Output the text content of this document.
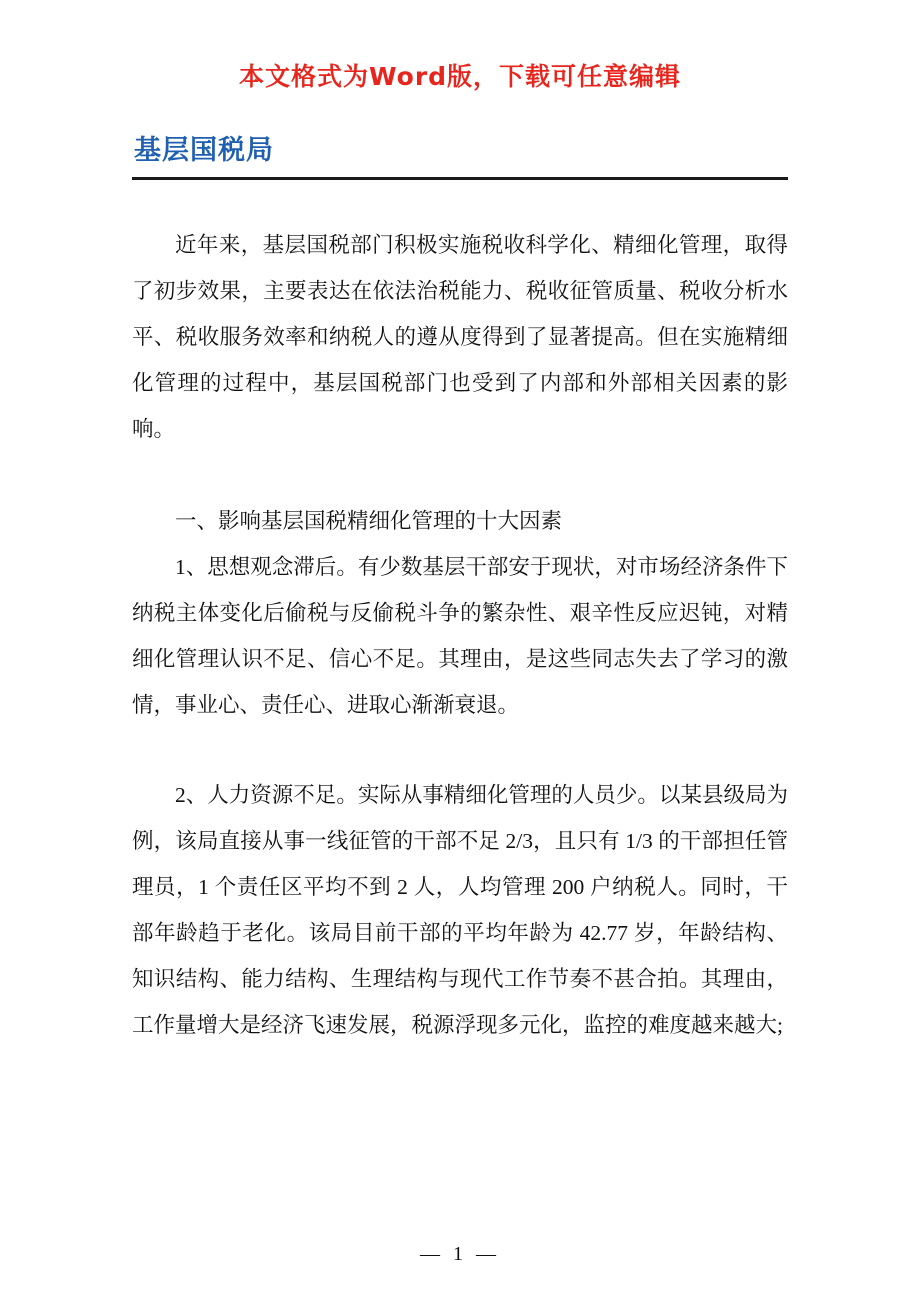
本文格式为Word版，下载可任意编辑
基层国税局

近年来，基层国税部门积极实施税收科学化、精细化管理，取得了初步效果，主要表达在依法治税能力、税收征管质量、税收分析水平、税收服务效率和纳税人的遵从度得到了显著提高。但在实施精细化管理的过程中，基层国税部门也受到了内部和外部相关因素的影响。

一、影响基层国税精细化管理的十大因素

1、思想观念滞后。有少数基层干部安于现状，对市场经济条件下纳税主体变化后偷税与反偷税斗争的繁杂性、艰辛性反应迟钝，对精细化管理认识不足、信心不足。其理由，是这些同志失去了学习的激情，事业心、责任心、进取心渐渐衰退。

2、人力资源不足。实际从事精细化管理的人员少。以某县级局为例，该局直接从事一线征管的干部不足 2/3，且只有 1/3 的干部担任管理员，1 个责任区平均不到 2 人，人均管理 200 户纳税人。同时，干部年龄趋于老化。该局目前干部的平均年龄为 42.77 岁，年龄结构、知识结构、能力结构、生理结构与现代工作节奏不甚合拍。其理由，工作量增大是经济飞速发展，税源浮现多元化，监控的难度越来越大;

— 1 —
